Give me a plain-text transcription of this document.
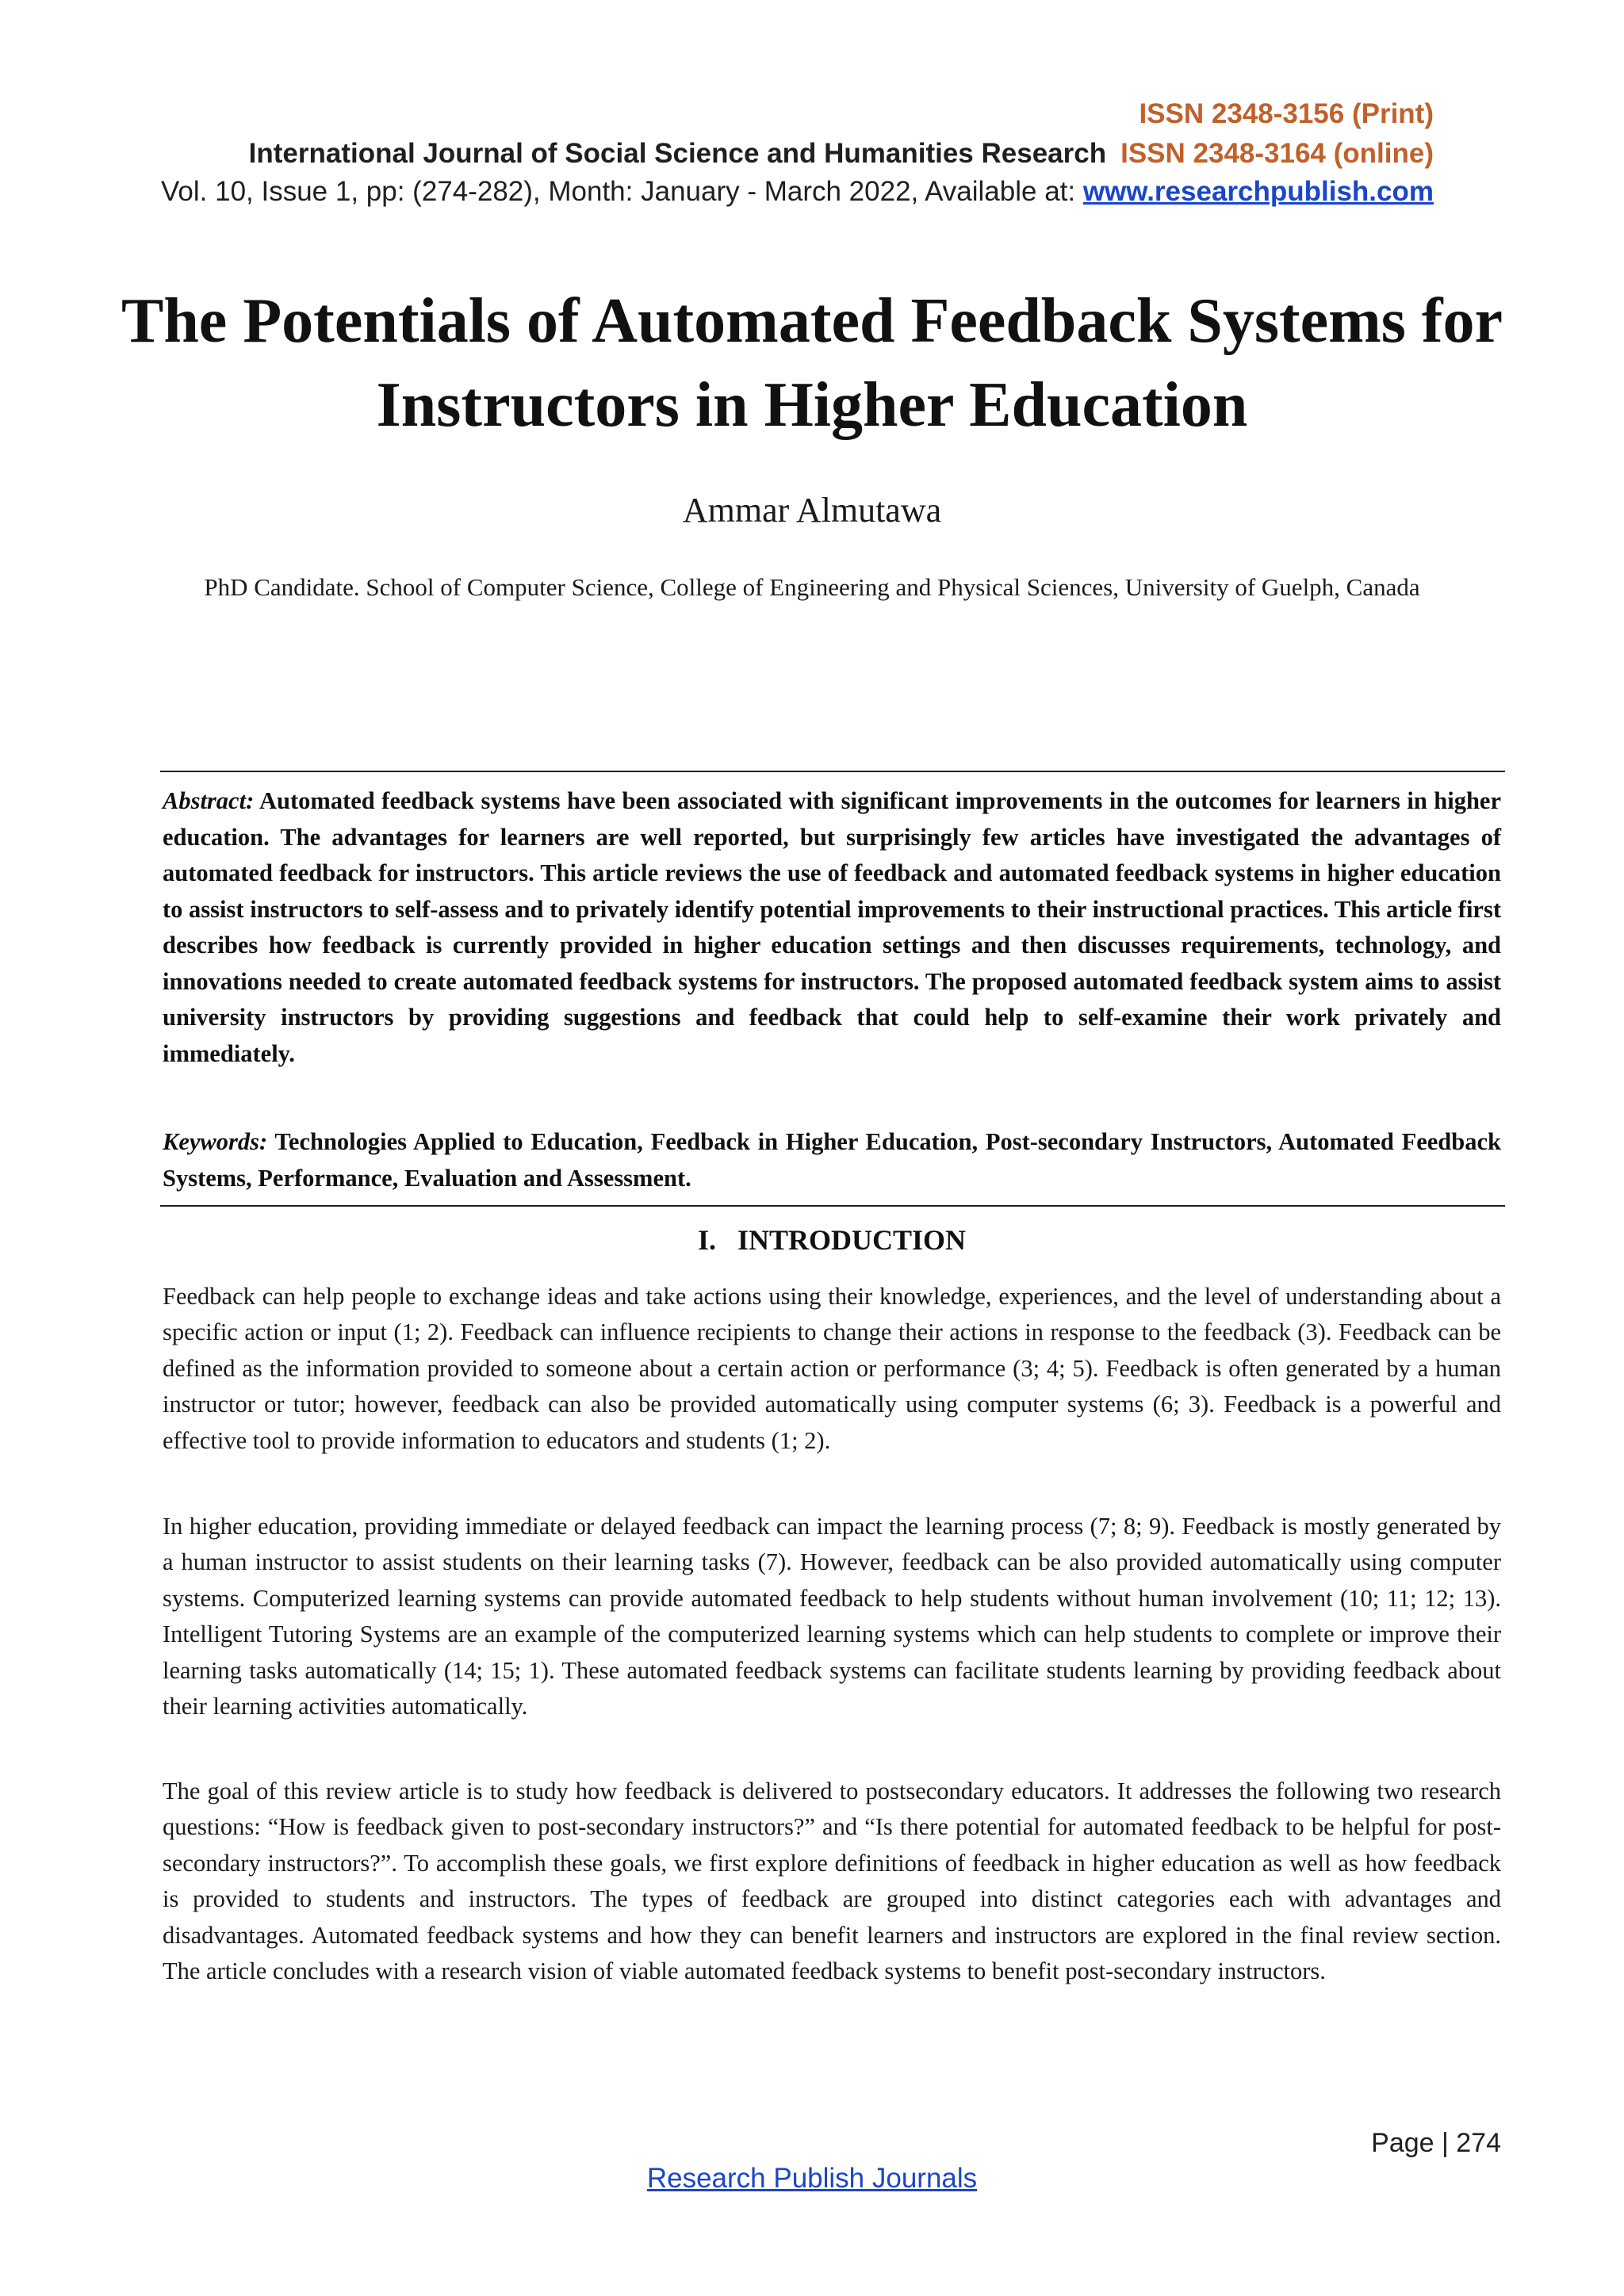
ISSN 2348-3156 (Print)
International Journal of Social Science and Humanities Research ISSN 2348-3164 (online)
Vol. 10, Issue 1, pp: (274-282), Month: January - March 2022, Available at: www.researchpublish.com
The Potentials of Automated Feedback Systems for Instructors in Higher Education
Ammar Almutawa
PhD Candidate. School of Computer Science, College of Engineering and Physical Sciences, University of Guelph, Canada
Abstract: Automated feedback systems have been associated with significant improvements in the outcomes for learners in higher education. The advantages for learners are well reported, but surprisingly few articles have investigated the advantages of automated feedback for instructors. This article reviews the use of feedback and automated feedback systems in higher education to assist instructors to self-assess and to privately identify potential improvements to their instructional practices. This article first describes how feedback is currently provided in higher education settings and then discusses requirements, technology, and innovations needed to create automated feedback systems for instructors. The proposed automated feedback system aims to assist university instructors by providing suggestions and feedback that could help to self-examine their work privately and immediately.
Keywords: Technologies Applied to Education, Feedback in Higher Education, Post-secondary Instructors, Automated Feedback Systems, Performance, Evaluation and Assessment.
I.   INTRODUCTION
Feedback can help people to exchange ideas and take actions using their knowledge, experiences, and the level of understanding about a specific action or input (1; 2). Feedback can influence recipients to change their actions in response to the feedback (3). Feedback can be defined as the information provided to someone about a certain action or performance (3; 4; 5). Feedback is often generated by a human instructor or tutor; however, feedback can also be provided automatically using computer systems (6; 3). Feedback is a powerful and effective tool to provide information to educators and students (1; 2).
In higher education, providing immediate or delayed feedback can impact the learning process (7; 8; 9). Feedback is mostly generated by a human instructor to assist students on their learning tasks (7). However, feedback can be also provided automatically using computer systems. Computerized learning systems can provide automated feedback to help students without human involvement (10; 11; 12; 13). Intelligent Tutoring Systems are an example of the computerized learning systems which can help students to complete or improve their learning tasks automatically (14; 15; 1). These automated feedback systems can facilitate students learning by providing feedback about their learning activities automatically.
The goal of this review article is to study how feedback is delivered to postsecondary educators. It addresses the following two research questions: “How is feedback given to post-secondary instructors?” and “Is there potential for automated feedback to be helpful for post-secondary instructors?”. To accomplish these goals, we first explore definitions of feedback in higher education as well as how feedback is provided to students and instructors. The types of feedback are grouped into distinct categories each with advantages and disadvantages. Automated feedback systems and how they can benefit learners and instructors are explored in the final review section. The article concludes with a research vision of viable automated feedback systems to benefit post-secondary instructors.
Page | 274
Research Publish Journals
